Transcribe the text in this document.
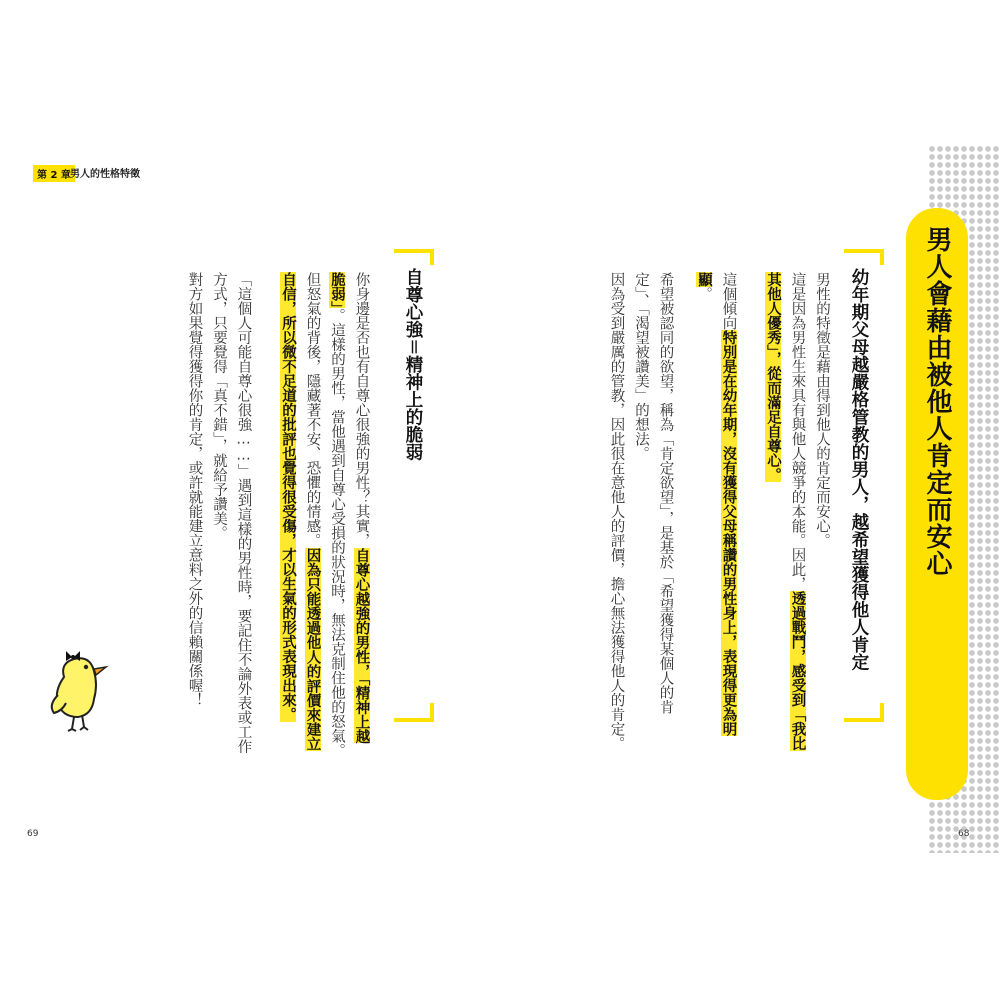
第 2 章 男人的性格特徵
男人會藉由被他人肯定而安心
幼年期父母越嚴格管教的男人，越希望獲得他人肯定

男性的特徵是藉由得到他人的肯定而安心。
這是因為男性生來具有與他人競爭的本能。因此，透過戰鬥，感受到「我比
其他人優秀」，從而滿足自尊心。

這個傾向特別是在幼年期，沒有獲得父母稱讚的男性身上，表現得更為明
顯。

希望被認同的欲望，稱為「肯定欲望」，是基於「希望獲得某個人的肯
定」、「渴望被讚美」的想法。
因為受到嚴厲的管教，因此很在意他人的評價，擔心無法獲得他人的肯定。

自尊心強＝精神上的脆弱

你身邊是否也有自尊心很強的男性？其實，自尊心越強的男性，「精神上越
脆弱」。這樣的男性，當他遇到自尊心受損的狀況時，無法克制住他的怒氣。
但怒氣的背後，隱藏著不安、恐懼的情感。因為只能透過他人的評價來建立
自信，所以微不足道的批評也覺得很受傷，才以生氣的形式表現出來。

「這個人可能自尊心很強……」遇到這樣的男性時，要記住不論外表或工作
方式，只要覺得「真不錯」，就給予讚美。
對方如果覺得獲得你的肯定，或許就能建立意料之外的信賴關係喔！

69	68
